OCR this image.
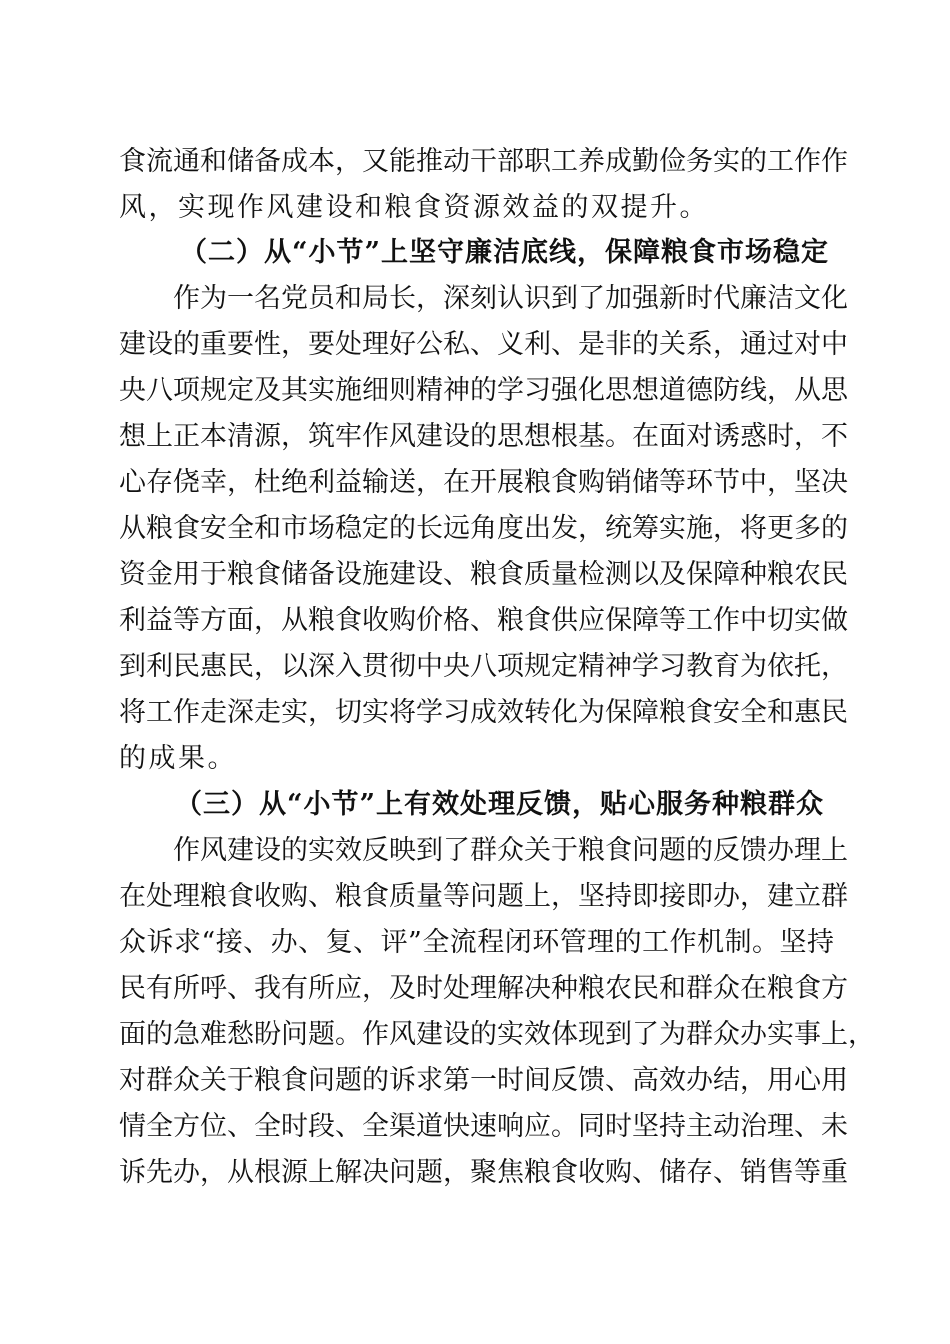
食流通和储备成本，又能推动干部职工养成勤俭务实的工作作
风，实现作风建设和粮食资源效益的双提升。
（二）从“小节”上坚守廉洁底线，保障粮食市场稳定
作为一名党员和局长，深刻认识到了加强新时代廉洁文化
建设的重要性，要处理好公私、义利、是非的关系，通过对中
央八项规定及其实施细则精神的学习强化思想道德防线，从思
想上正本清源，筑牢作风建设的思想根基。在面对诱惑时，不
心存侥幸，杜绝利益输送，在开展粮食购销储等环节中，坚决
从粮食安全和市场稳定的长远角度出发，统筹实施，将更多的
资金用于粮食储备设施建设、粮食质量检测以及保障种粮农民
利益等方面，从粮食收购价格、粮食供应保障等工作中切实做
到利民惠民，以深入贯彻中央八项规定精神学习教育为依托，
将工作走深走实，切实将学习成效转化为保障粮食安全和惠民
的成果。
（三）从“小节”上有效处理反馈，贴心服务种粮群众
作风建设的实效反映到了群众关于粮食问题的反馈办理上
在处理粮食收购、粮食质量等问题上，坚持即接即办，建立群
众诉求“接、办、复、评”全流程闭环管理的工作机制。坚持
民有所呼、我有所应，及时处理解决种粮农民和群众在粮食方
面的急难愁盼问题。作风建设的实效体现到了为群众办实事上，
对群众关于粮食问题的诉求第一时间反馈、高效办结，用心用
情全方位、全时段、全渠道快速响应。同时坚持主动治理、未
诉先办，从根源上解决问题，聚焦粮食收购、储存、销售等重
